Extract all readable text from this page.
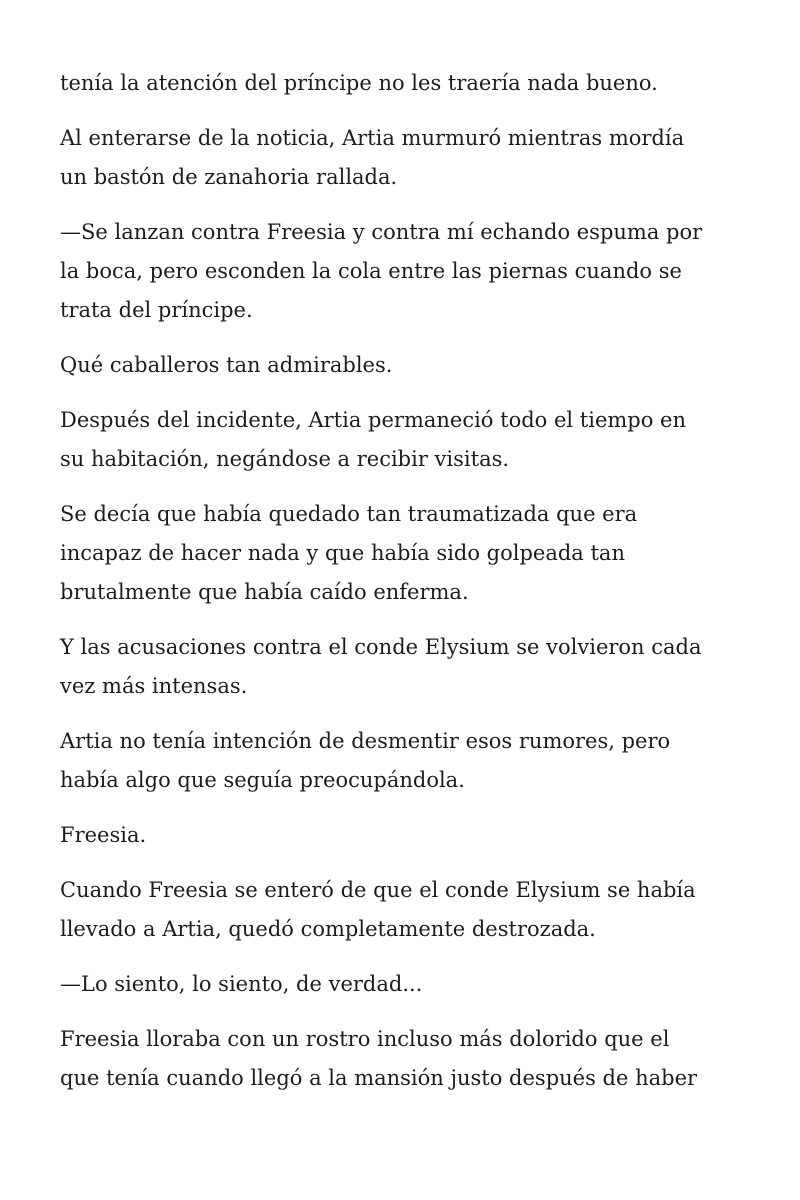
tenía la atención del príncipe no les traería nada bueno.

Al enterarse de la noticia, Artia murmuró mientras mordía
un bastón de zanahoria rallada.

—Se lanzan contra Freesia y contra mí echando espuma por
la boca, pero esconden la cola entre las piernas cuando se
trata del príncipe.

Qué caballeros tan admirables.

Después del incidente, Artia permaneció todo el tiempo en
su habitación, negándose a recibir visitas.

Se decía que había quedado tan traumatizada que era
incapaz de hacer nada y que había sido golpeada tan
brutalmente que había caído enferma.

Y las acusaciones contra el conde Elysium se volvieron cada
vez más intensas.

Artia no tenía intención de desmentir esos rumores, pero
había algo que seguía preocupándola.

Freesia.

Cuando Freesia se enteró de que el conde Elysium se había
llevado a Artia, quedó completamente destrozada.

—Lo siento, lo siento, de verdad...

Freesia lloraba con un rostro incluso más dolorido que el
que tenía cuando llegó a la mansión justo después de haber
